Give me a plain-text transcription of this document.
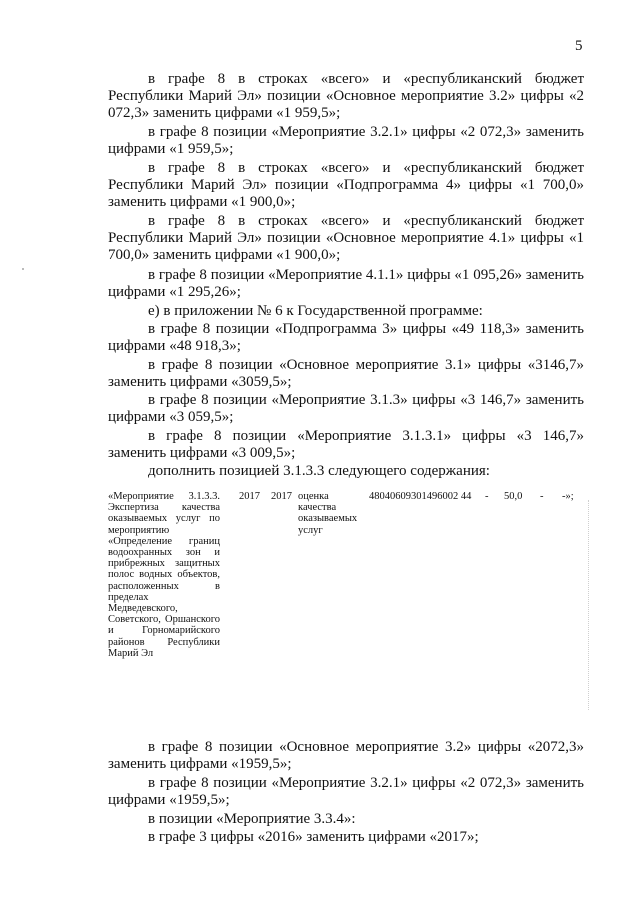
5

в графе 8 в строках «всего» и «республиканский бюджет Республики Марий Эл» позиции «Основное мероприятие 3.2» цифры «2 072,3» заменить цифрами «1 959,5»;

в графе 8 позиции «Мероприятие 3.2.1» цифры «2 072,3» заменить цифрами «1 959,5»;

в графе 8 в строках «всего» и «республиканский бюджет Республики Марий Эл» позиции «Подпрограмма 4» цифры «1 700,0» заменить цифрами «1 900,0»;

в графе 8 в строках «всего» и «республиканский бюджет Республики Марий Эл» позиции «Основное мероприятие 4.1» цифры «1 700,0» заменить цифрами «1 900,0»;

в графе 8 позиции «Мероприятие 4.1.1» цифры «1 095,26» заменить цифрами «1 295,26»;

е) в приложении № 6 к Государственной программе:

в графе 8 позиции «Подпрограмма 3» цифры «49 118,3» заменить цифрами «48 918,3»;

в графе 8 позиции «Основное мероприятие 3.1» цифры «3146,7» заменить цифрами «3059,5»;

в графе 8 позиции «Мероприятие 3.1.3» цифры «3 146,7» заменить цифрами «3 059,5»;

в графе 8 позиции «Мероприятие 3.1.3.1» цифры «3 146,7» заменить цифрами «3 009,5»;

дополнить позицией 3.1.3.3 следующего содержания:

«Мероприятие 3.1.3.3. Экспертиза качества оказываемых услуг по мероприятию «Определение границ водоохранных зон и прибрежных защитных полос водных объектов, расположенных в пределах Медведевского, Советского, Оршанского и Горномарийского районов Республики Марий Эл
2017 2017 оценка качества оказываемых услуг
48040609301496002 44 - 50,0 - -»;

в графе 8 позиции «Основное мероприятие 3.2» цифры «2072,3» заменить цифрами «1959,5»;

в графе 8 позиции «Мероприятие 3.2.1» цифры «2 072,3» заменить цифрами «1959,5»;

в позиции «Мероприятие 3.3.4»:

в графе 3 цифры «2016» заменить цифрами «2017»;
